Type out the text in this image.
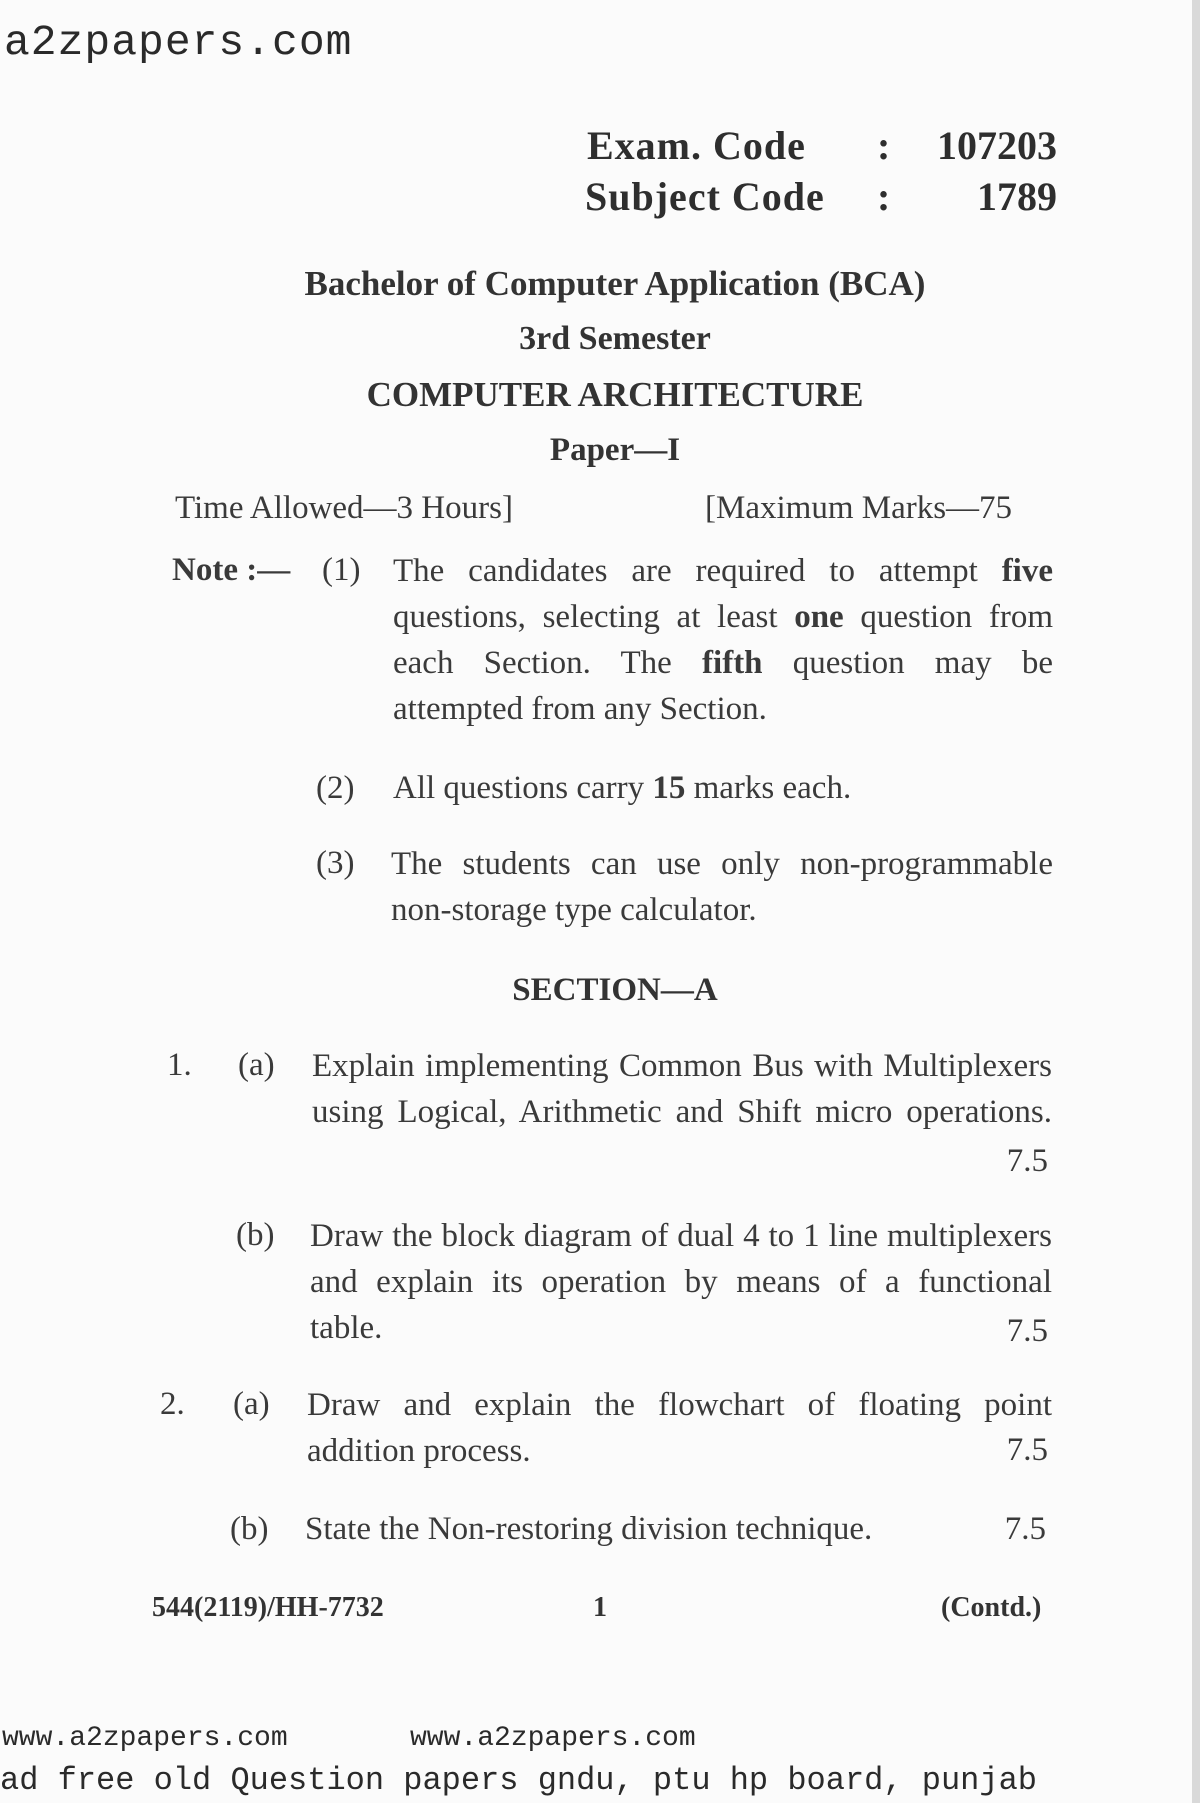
a2zpapers.com
Exam. Code : 107203
Subject Code : 1789
Bachelor of Computer Application (BCA)
3rd Semester
COMPUTER ARCHITECTURE
Paper—I
Time Allowed—3 Hours]	[Maximum Marks—75
Note :— (1) The candidates are required to attempt five
questions, selecting at least one question from
each Section. The fifth question may be
attempted from any Section.
(2) All questions carry 15 marks each.
(3) The students can use only non-programmable
non-storage type calculator.
SECTION—A
1. (a) Explain implementing Common Bus with Multiplexers
using Logical, Arithmetic and Shift micro operations.
7.5
(b) Draw the block diagram of dual 4 to 1 line multiplexers
and explain its operation by means of a functional
table.	7.5
2. (a) Draw and explain the flowchart of floating point
addition process.	7.5
(b) State the Non-restoring division technique.	7.5
544(2119)/HH-7732	1	(Contd.)
www.a2zpapers.com	www.a2zpapers.com
ad free old Question papers gndu, ptu hp board, punjab
